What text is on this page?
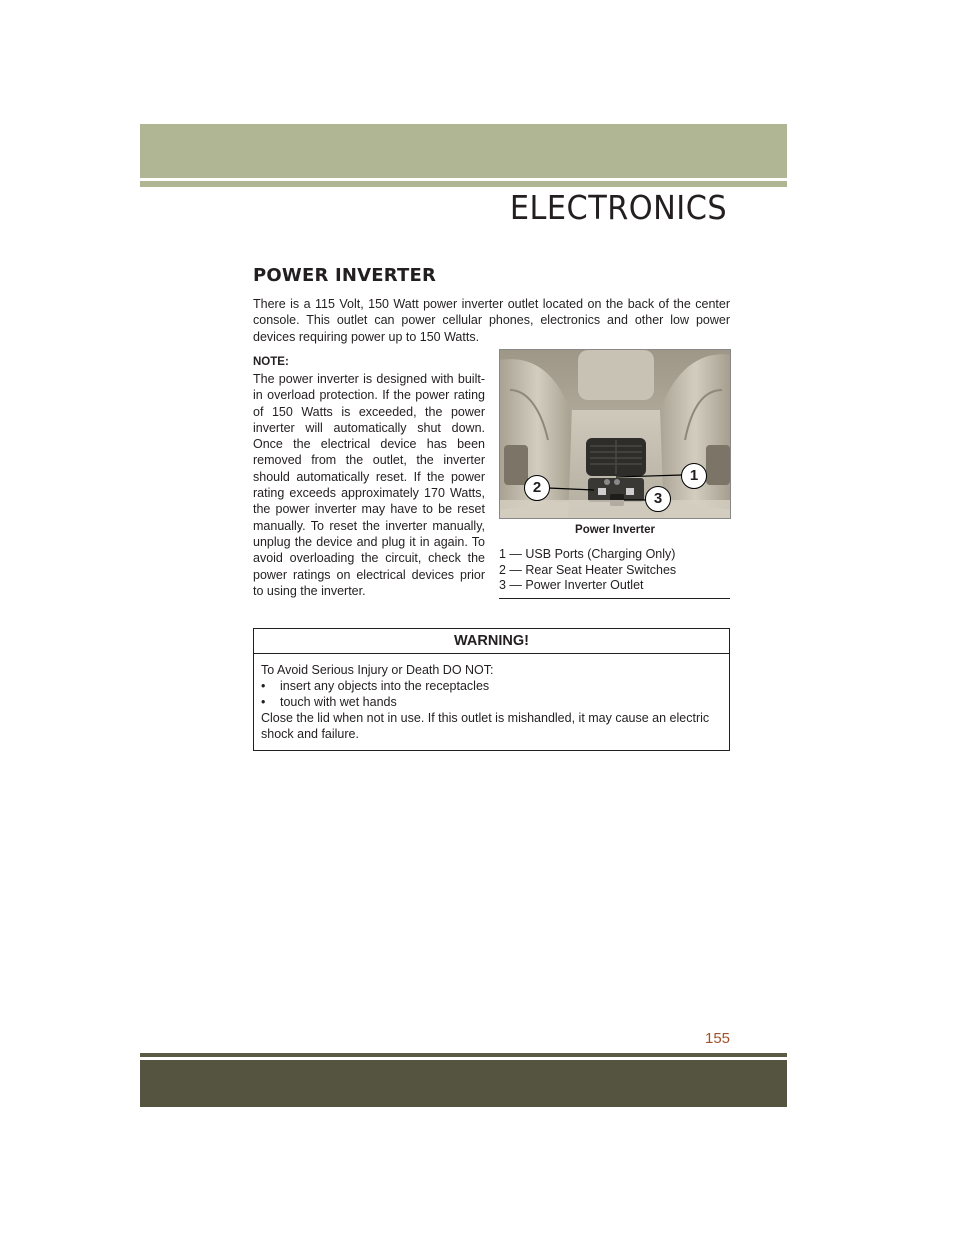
ELECTRONICS
POWER INVERTER

There is a 115 Volt, 150 Watt power inverter outlet located on the back of the center console. This outlet can power cellular phones, electronics and other low power devices requiring power up to 150 Watts.

NOTE:

The power inverter is designed with built-in overload protection. If the power rating of 150 Watts is exceeded, the power inverter will automatically shut down. Once the electrical device has been removed from the outlet, the inverter should automatically reset. If the power rating exceeds approximately 170 Watts, the power inverter may have to be reset manually. To reset the inverter manually, unplug the device and plug it in again. To avoid overloading the circuit, check the power ratings on electrical devices prior to using the inverter.

1
2
3
Power Inverter
1 — USB Ports (Charging Only)
2 — Rear Seat Heater Switches
3 — Power Inverter Outlet
WARNING!
To Avoid Serious Injury or Death DO NOT:
•	insert any objects into the receptacles
•	touch with wet hands
Close the lid when not in use. If this outlet is mishandled, it may cause an electric shock and failure.
155
